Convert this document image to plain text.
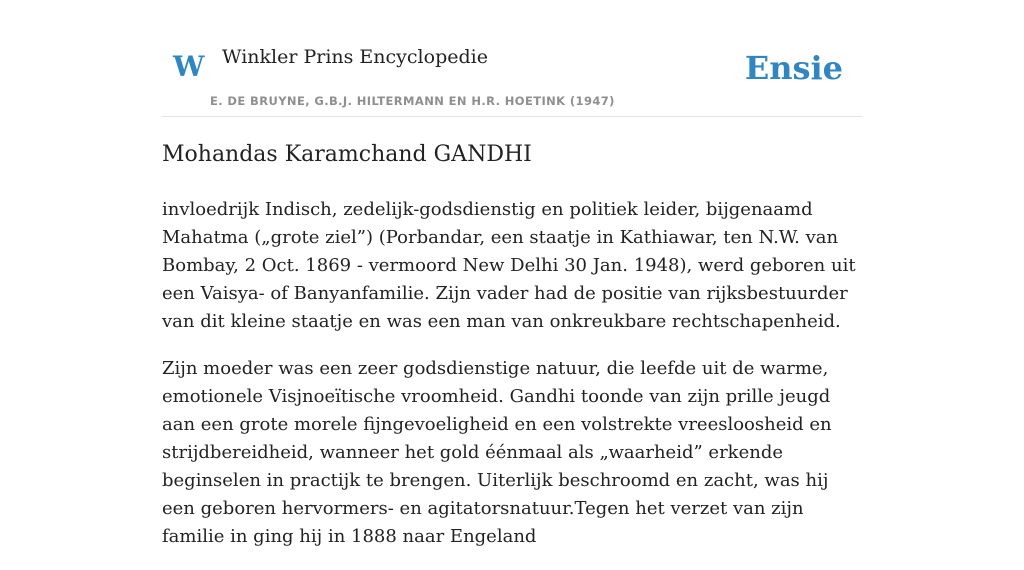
W Winkler Prins Encyclopedie
E. DE BRUYNE, G.B.J. HILTERMANN EN H.R. HOETINK (1947)
Ensie
Mohandas Karamchand GANDHI

invloedrijk Indisch, zedelijk-godsdienstig en politiek leider, bijgenaamd Mahatma („grote ziel”) (Porbandar, een staatje in Kathiawar, ten N.W. van Bombay, 2 Oct. 1869 - vermoord New Delhi 30 Jan. 1948), werd geboren uit een Vaisya- of Banyanfamilie. Zijn vader had de positie van rijksbestuurder van dit kleine staatje en was een man van onkreukbare rechtschapenheid.

Zijn moeder was een zeer godsdienstige natuur, die leefde uit de warme, emotionele Visjnoeïtische vroomheid. Gandhi toonde van zijn prille jeugd aan een grote morele fijngevoeligheid en een volstrekte vreesloosheid en strijdbereidheid, wanneer het gold éénmaal als „waarheid” erkende beginselen in practijk te brengen. Uiterlijk beschroomd en zacht, was hij een geboren hervormers- en agitatorsnatuur.Tegen het verzet van zijn familie in ging hij in 1888 naar Engeland
